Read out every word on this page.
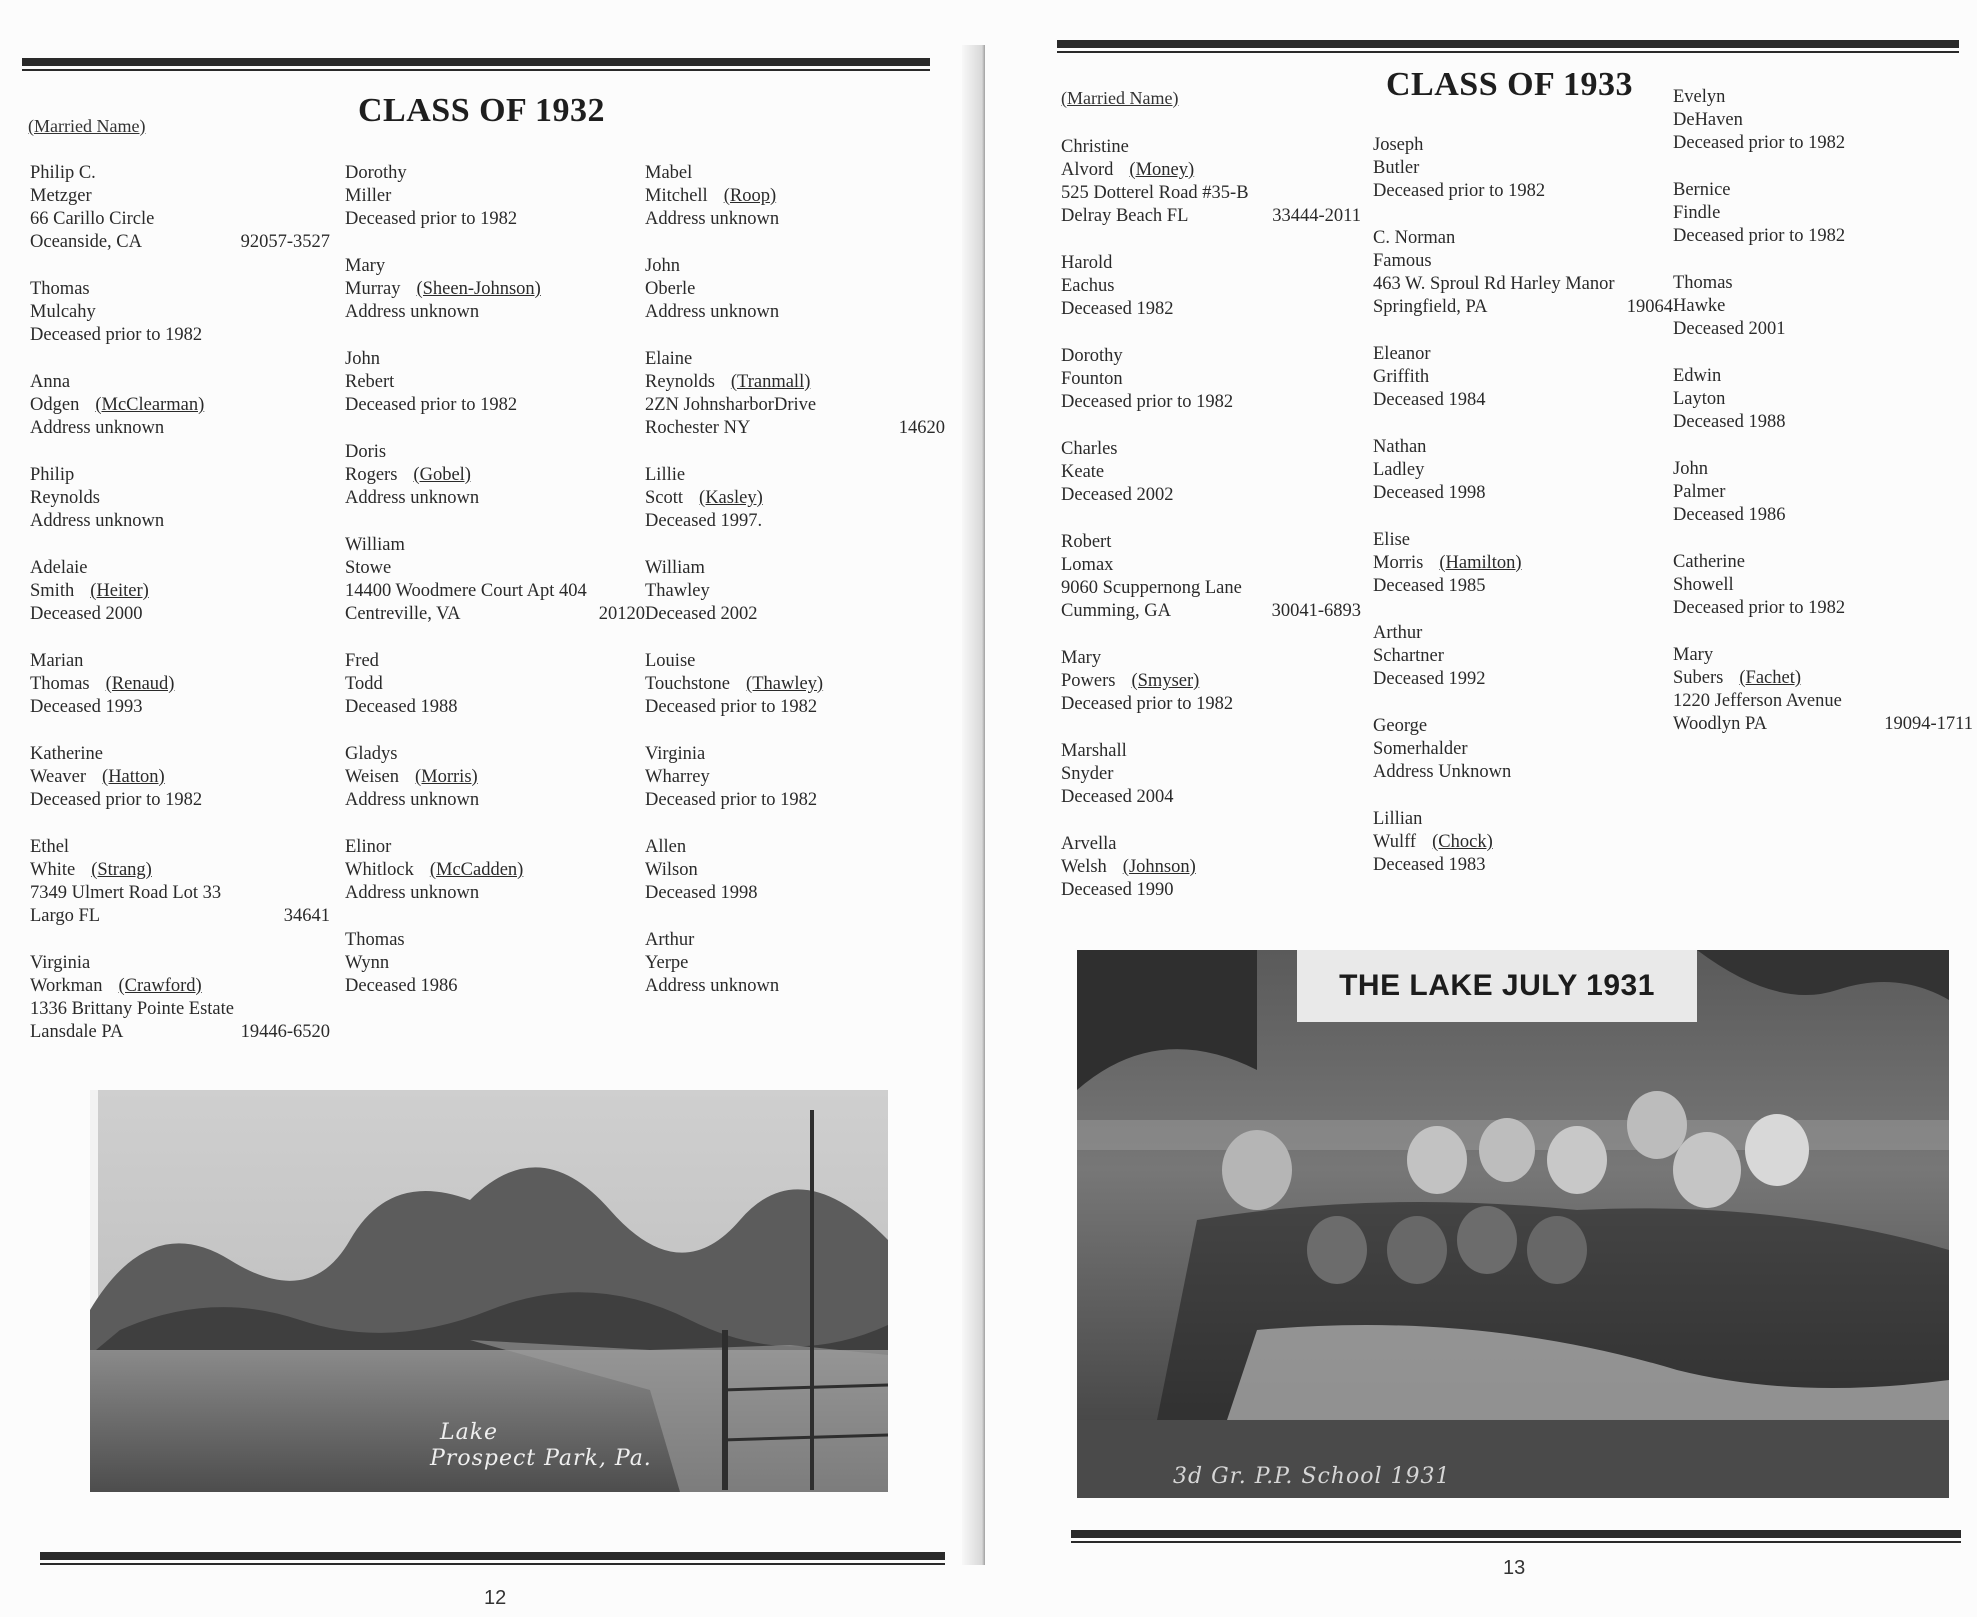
(Married Name)	CLASS OF 1932
Philip C.
Metzger
66 Carillo Circle
Oceanside, CA	92057-3527
Thomas
Mulcahy
Deceased prior to 1982
Anna
Odgen (McClearman)
Address unknown
Philip
Reynolds
Address unknown
Adelaie
Smith (Heiter)
Deceased 2000
Marian
Thomas (Renaud)
Deceased 1993
Katherine
Weaver (Hatton)
Deceased prior to 1982
Ethel
White (Strang)
7349 Ulmert Road Lot 33
Largo FL	34641
Virginia
Workman (Crawford)
1336 Brittany Pointe Estate
Lansdale PA	19446-6520
Dorothy
Miller
Deceased prior to 1982
Mary
Murray (Sheen-Johnson)
Address unknown
John
Rebert
Deceased prior to 1982
Doris
Rogers (Gobel)
Address unknown
William
Stowe
14400 Woodmere Court Apt 404
Centreville, VA	20120
Fred
Todd
Deceased 1988
Gladys
Weisen (Morris)
Address unknown
Elinor
Whitlock (McCadden)
Address unknown
Thomas
Wynn
Deceased 1986
Mabel
Mitchell (Roop)
Address unknown
John
Oberle
Address unknown
Elaine
Reynolds (Tranmall)
2ZN JohnsharborDrive
Rochester NY	14620
Lillie
Scott (Kasley)
Deceased 1997.
William
Thawley
Deceased 2002
Louise
Touchstone (Thawley)
Deceased prior to 1982
Virginia
Wharrey
Deceased prior to 1982
Allen
Wilson
Deceased 1998
Arthur
Yerpe
Address unknown
Lake
Prospect Park, Pa.
12
(Married Name)	CLASS OF 1933
Christine
Alvord (Money)
525 Dotterel Road #35-B
Delray Beach FL	33444-2011
Harold
Eachus
Deceased 1982
Dorothy
Founton
Deceased prior to 1982
Charles
Keate
Deceased 2002
Robert
Lomax
9060 Scuppernong Lane
Cumming, GA	30041-6893
Mary
Powers (Smyser)
Deceased prior to 1982
Marshall
Snyder
Deceased 2004
Arvella
Welsh (Johnson)
Deceased 1990
Joseph
Butler
Deceased prior to 1982
C. Norman
Famous
463 W. Sproul Rd Harley Manor
Springfield, PA	19064
Eleanor
Griffith
Deceased 1984
Nathan
Ladley
Deceased 1998
Elise
Morris (Hamilton)
Deceased 1985
Arthur
Schartner
Deceased 1992
George
Somerhalder
Address Unknown
Lillian
Wulff (Chock)
Deceased 1983
Evelyn
DeHaven
Deceased prior to 1982
Bernice
Findle
Deceased prior to 1982
Thomas
Hawke
Deceased 2001
Edwin
Layton
Deceased 1988
John
Palmer
Deceased 1986
Catherine
Showell
Deceased prior to 1982
Mary
Subers (Fachet)
1220 Jefferson Avenue
Woodlyn PA	19094-1711
THE LAKE JULY 1931
3d Gr. P.P. School 1931
13
